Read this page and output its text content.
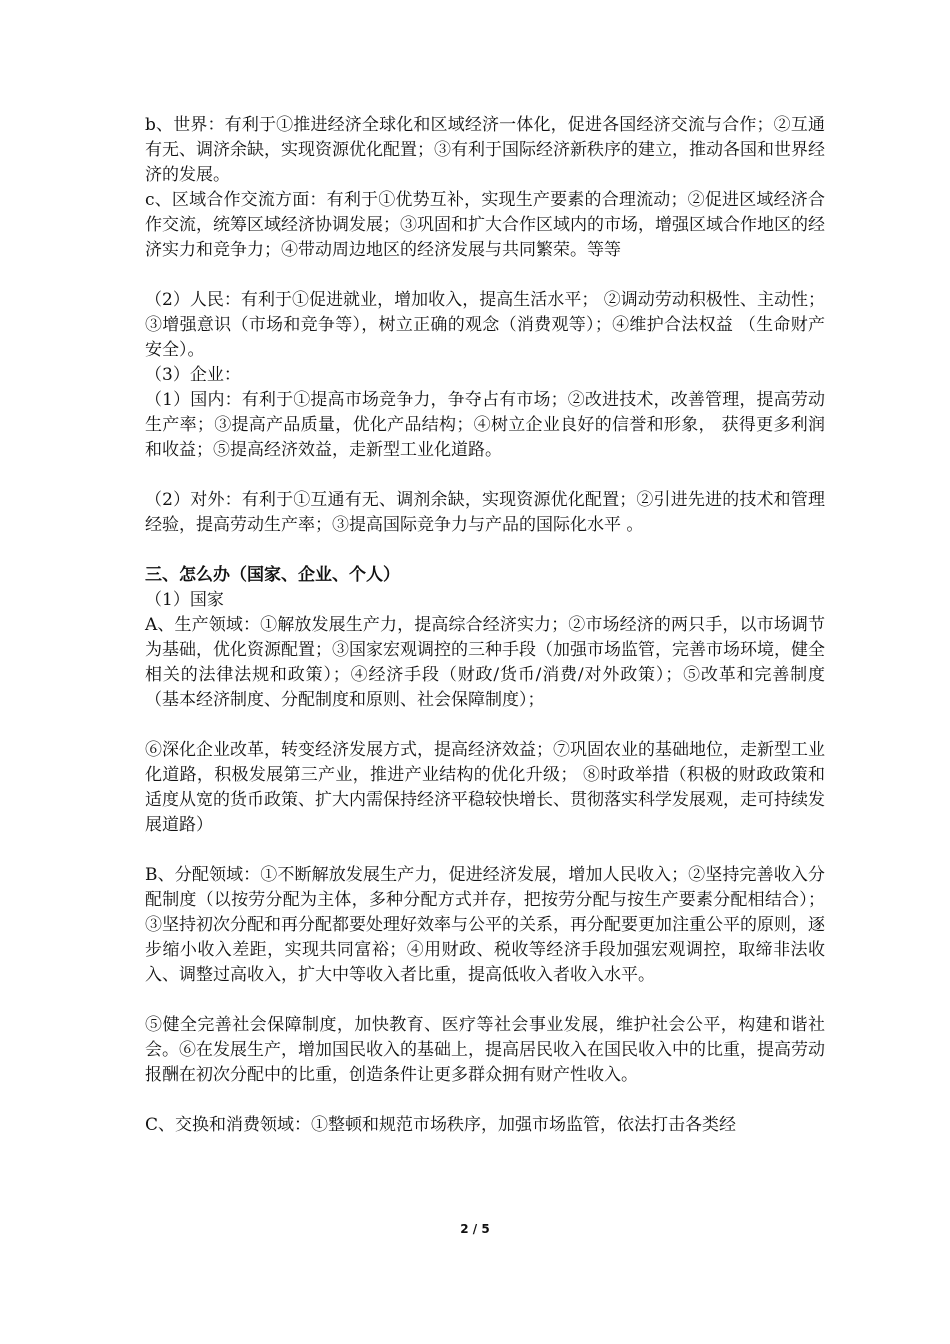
b、世界：有利于①推进经济全球化和区域经济一体化，促进各国经济交流与合作；②互通有无、调济余缺，实现资源优化配置；③有利于国际经济新秩序的建立，推动各国和世界经济的发展。

c、区域合作交流方面：有利于①优势互补，实现生产要素的合理流动；②促进区域经济合作交流，统筹区域经济协调发展；③巩固和扩大合作区域内的市场，增强区域合作地区的经济实力和竞争力；④带动周边地区的经济发展与共同繁荣。等等

（2）人民：有利于①促进就业，增加收入，提高生活水平； ②调动劳动积极性、主动性；③增强意识（市场和竞争等），树立正确的观念（消费观等）；④维护合法权益 （生命财产安全）。

（3）企业：

（1）国内：有利于①提高市场竞争力，争夺占有市场；②改进技术，改善管理，提高劳动生产率；③提高产品质量，优化产品结构；④树立企业良好的信誉和形象， 获得更多利润和收益；⑤提高经济效益，走新型工业化道路。

（2）对外：有利于①互通有无、调剂余缺，实现资源优化配置；②引进先进的技术和管理经验，提高劳动生产率；③提高国际竞争力与产品的国际化水平 。

三、怎么办（国家、企业、个人）

（1）国家

A、生产领域：①解放发展生产力，提高综合经济实力；②市场经济的两只手，以市场调节为基础，优化资源配置；③国家宏观调控的三种手段（加强市场监管，完善市场环境，健全相关的法律法规和政策）；④经济手段（财政/货币/消费/对外政策）；⑤改革和完善制度（基本经济制度、分配制度和原则、社会保障制度）；

⑥深化企业改革，转变经济发展方式，提高经济效益；⑦巩固农业的基础地位，走新型工业化道路，积极发展第三产业，推进产业结构的优化升级； ⑧时政举措（积极的财政政策和适度从宽的货币政策、扩大内需保持经济平稳较快增长、贯彻落实科学发展观，走可持续发展道路）

B、分配领域：①不断解放发展生产力，促进经济发展，增加人民收入；②坚持完善收入分配制度（以按劳分配为主体，多种分配方式并存，把按劳分配与按生产要素分配相结合）；③坚持初次分配和再分配都要处理好效率与公平的关系，再分配要更加注重公平的原则，逐步缩小收入差距，实现共同富裕；④用财政、税收等经济手段加强宏观调控，取缔非法收入、调整过高收入，扩大中等收入者比重，提高低收入者收入水平。

⑤健全完善社会保障制度，加快教育、医疗等社会事业发展，维护社会公平，构建和谐社会。⑥在发展生产，增加国民收入的基础上，提高居民收入在国民收入中的比重，提高劳动报酬在初次分配中的比重，创造条件让更多群众拥有财产性收入。

C、交换和消费领域：①整顿和规范市场秩序，加强市场监管，依法打击各类经

2 / 5
